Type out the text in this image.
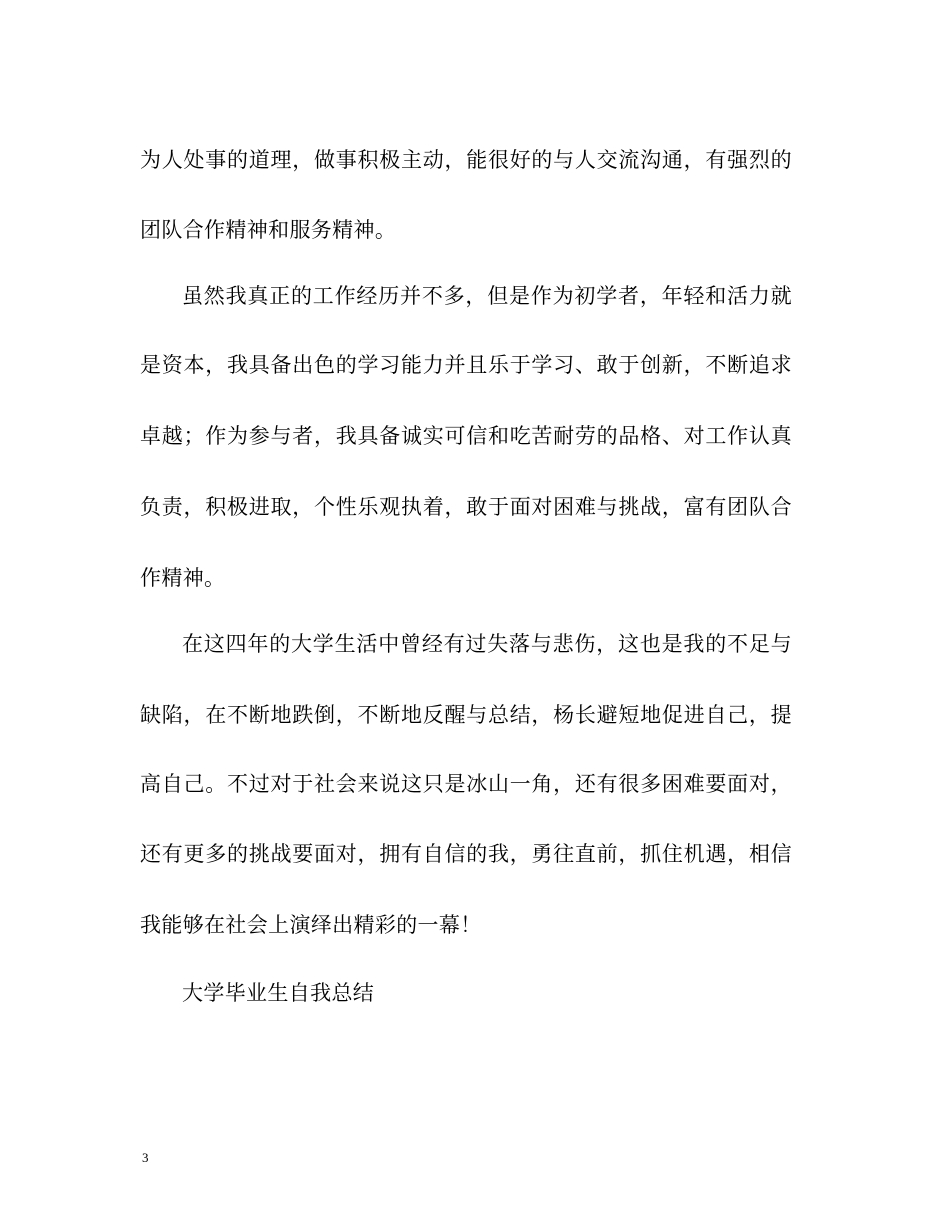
为人处事的道理，做事积极主动，能很好的与人交流沟通，有强烈的
团队合作精神和服务精神。
虽然我真正的工作经历并不多，但是作为初学者，年轻和活力就
是资本，我具备出色的学习能力并且乐于学习、敢于创新，不断追求
卓越；作为参与者，我具备诚实可信和吃苦耐劳的品格、对工作认真
负责，积极进取，个性乐观执着，敢于面对困难与挑战，富有团队合
作精神。
在这四年的大学生活中曾经有过失落与悲伤，这也是我的不足与
缺陷，在不断地跌倒，不断地反醒与总结，杨长避短地促进自己，提
高自己。不过对于社会来说这只是冰山一角，还有很多困难要面对，
还有更多的挑战要面对，拥有自信的我，勇往直前，抓住机遇，相信
我能够在社会上演绎出精彩的一幕！
大学毕业生自我总结
3
